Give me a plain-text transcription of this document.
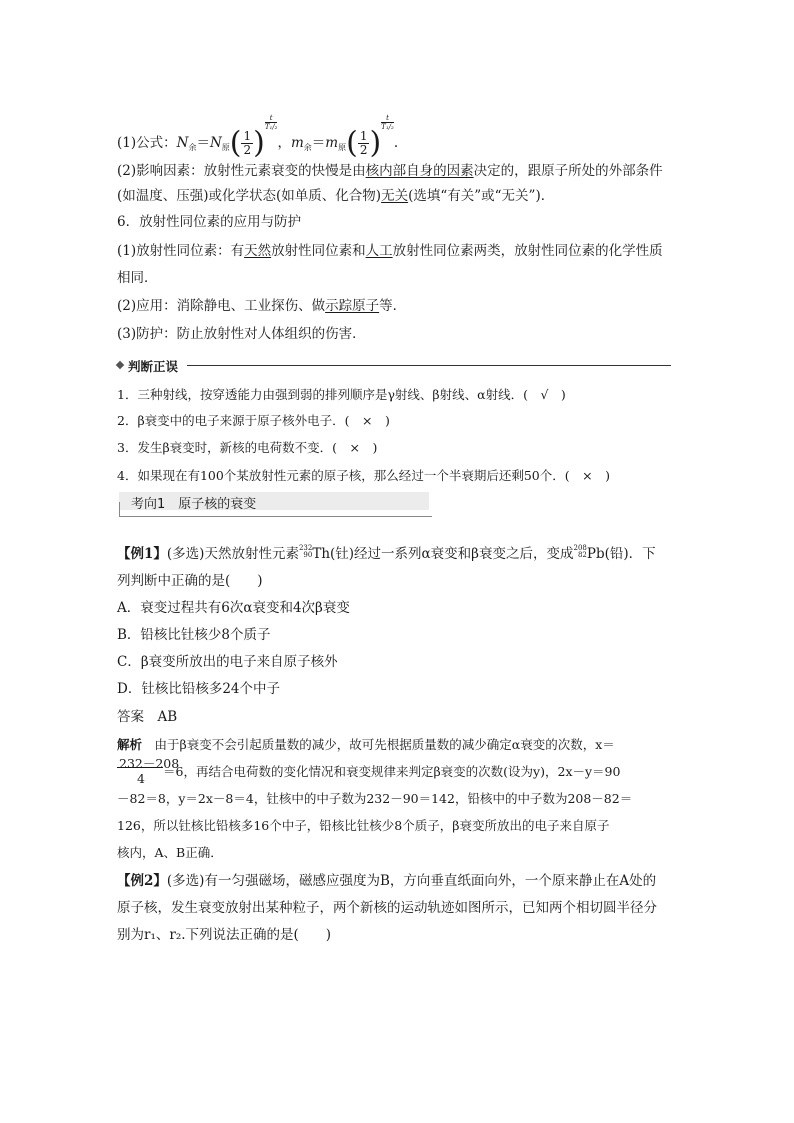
(1)公式：$N_余=N_原( \frac{1}{2}$ )
$\frac{t}{\text{T₁/₂}}$
，$m_余=m_原( \frac{1}{2}$ )
$\frac{t}{\text{T₁/₂}}$
.
(2)影响因素：放射性元素衰变的快慢是由核内部自身的因素决定的，跟原子所处的外部条件
(如温度、压强)或化学状态(如单质、化合物)无关(选填“有关”或“无关”)．
6．放射性同位素的应用与防护
(1)放射性同位素：有天然放射性同位素和人工放射性同位素两类，放射性同位素的化学性质
相同．
(2)应用：消除静电、工业探伤、做示踪原子等．
(3)防护：防止放射性对人体组织的伤害．
判断正误
1．三种射线，按穿透能力由强到弱的排列顺序是γ射线、β射线、α射线．(　√　)
2．β衰变中的电子来源于原子核外电子．(　×　)
3．发生β衰变时，新核的电荷数不变．(　×　)
4．如果现在有100个某放射性元素的原子核，那么经过一个半衰期后还剩50个．(　×　)
考向1　原子核的衰变
【例1】(多选)天然放射性元素 232
90 Th(钍)经过一系列α衰变和β衰变之后，变成 208
82 Pb(铅)．下
列判断中正确的是(　　)
A．衰变过程共有6次α衰变和4次β衰变
B．铅核比钍核少8个质子
C．β衰变所放出的电子来自原子核外
D．钍核比铅核多24个中子
答案　 AB
解析　 由于β衰变不会引起质量数的减少，故可先根据质量数的减少确定α衰变的次数，x＝
232－208
4 ＝6，再结合电荷数的变化情况和衰变规律来判定β衰变的次数(设为y)，2x－y＝90
－82＝8，y＝2x－8＝4，钍核中的中子数为232－90＝142，铅核中的中子数为208－82＝
126，所以钍核比铅核多16个中子，铅核比钍核少8个质子，β衰变所放出的电子来自原子
核内，A、B正确．
【例2】(多选)有一匀强磁场，磁感应强度为B，方向垂直纸面向外，一个原来静止在A处的
原子核，发生衰变放射出某种粒子，两个新核的运动轨迹如图所示，已知两个相切圆半径分
别为r₁、r₂.下列说法正确的是(　　)
